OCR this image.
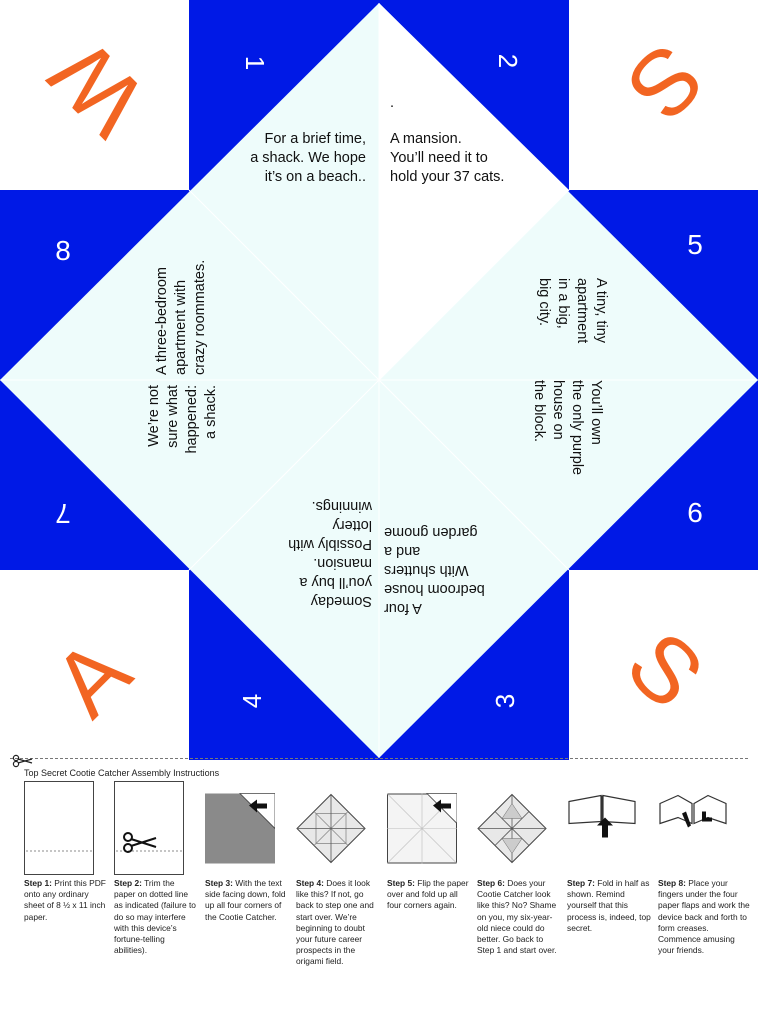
W	S
A	S
1	2
5
6
3
4
7
8
For a brief time,
a shack. We hope
it’s on a beach..
.
A mansion.
You’ll need it to
hold your 37 cats.
A tiny, tiny
apartment
in a big,
big city.
You’ll own
the only purple
house on
the block.
A four
bedroom house
With shutters
and a
garden gnome
Someday
you’ll buy a
mansion.
Possibly with
lottery
winnings.
We’re not sure what happened: a shack.
A three-bedroom apartment with crazy roommates.
Top Secret Cootie Catcher Assembly Instructions
Step 1: Print this PDF onto any ordinary sheet of 8 ½ x 11 inch paper.
Step 2: Trim the paper on dotted line as indicated (failure to do so may interfere with this device’s fortune-telling abilities).
Step 3: With the text side facing down, fold up all four corners of the Cootie Catcher.
Step 4: Does it look like this? If not, go back to step one and start over. We’re beginning to doubt your future career prospects in the origami field.
Step 5: Flip the paper over and fold up all four corners again.
Step 6: Does your Cootie Catcher look like this? No? Shame on you, my six-year-old niece could do better. Go back to Step 1 and start over.
Step 7: Fold in half as shown. Remind yourself that this process is, indeed, top secret.
Step 8: Place your fingers under the four paper flaps and work the device back and forth to form creases. Commence amusing your friends.
